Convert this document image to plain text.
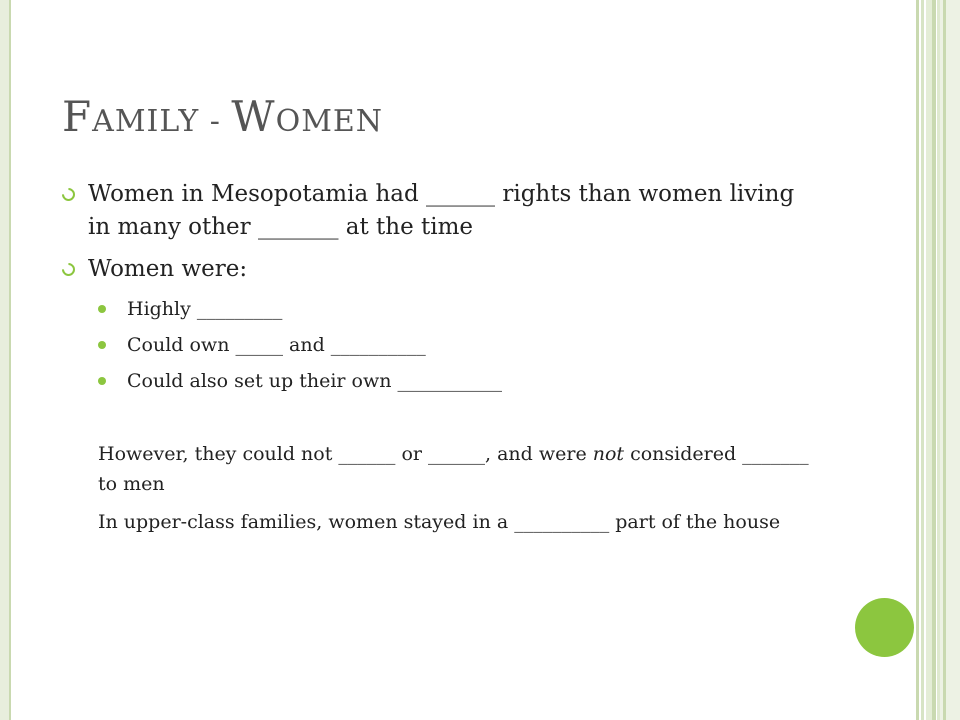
FAMILY - WOMEN
Women in Mesopotamia had ______ rights than women living in many other _______ at the time
Women were:
Highly _________
Could own _____ and __________
Could also set up their own ___________
However, they could not ______ or ______, and were not considered _______ to men
In upper-class families, women stayed in a __________ part of the house
